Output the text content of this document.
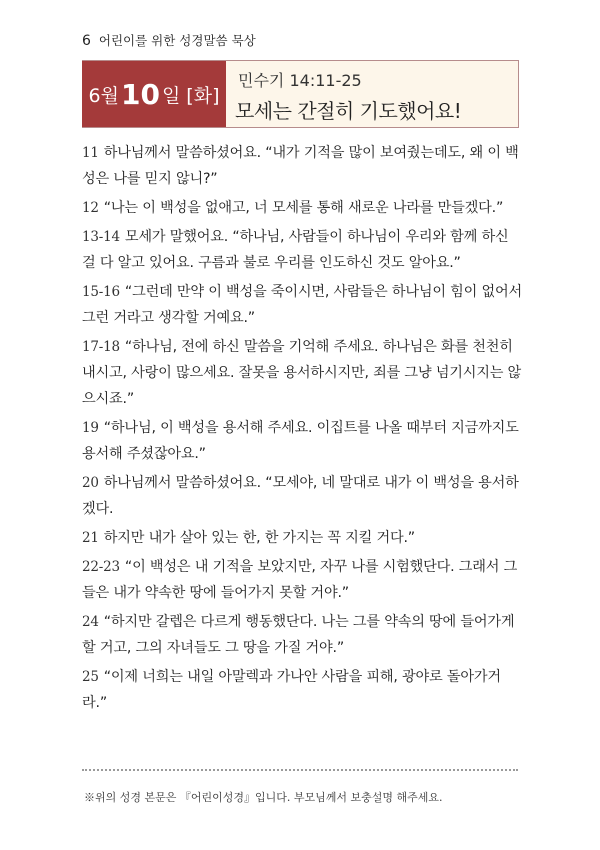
6 어린이를 위한 성경말씀 묵상
6월 10 일 [화]
민수기 14:11-25
모세는 간절히 기도했어요!
11 하나님께서 말씀하셨어요. “내가 기적을 많이 보여줬는데도, 왜 이 백성은 나를 믿지 않니?”
12 “나는 이 백성을 없애고, 너 모세를 통해 새로운 나라를 만들겠다.”
13-14 모세가 말했어요. “하나님, 사람들이 하나님이 우리와 함께 하신 걸 다 알고 있어요. 구름과 불로 우리를 인도하신 것도 알아요.”
15-16 “그런데 만약 이 백성을 죽이시면, 사람들은 하나님이 힘이 없어서 그런 거라고 생각할 거예요.”
17-18 “하나님, 전에 하신 말씀을 기억해 주세요. 하나님은 화를 천천히 내시고, 사랑이 많으세요. 잘못을 용서하시지만, 죄를 그냥 넘기시지는 않으시죠.”
19 “하나님, 이 백성을 용서해 주세요. 이집트를 나올 때부터 지금까지도 용서해 주셨잖아요.”
20 하나님께서 말씀하셨어요. “모세야, 네 말대로 내가 이 백성을 용서하겠다.
21 하지만 내가 살아 있는 한, 한 가지는 꼭 지킬 거다.”
22-23 “이 백성은 내 기적을 보았지만, 자꾸 나를 시험했단다. 그래서 그들은 내가 약속한 땅에 들어가지 못할 거야.”
24 “하지만 갈렙은 다르게 행동했단다. 나는 그를 약속의 땅에 들어가게 할 거고, 그의 자녀들도 그 땅을 가질 거야.”
25 “이제 너희는 내일 아말렉과 가나안 사람을 피해, 광야로 돌아가거라.”
※위의 성경 본문은 『어린이성경』입니다. 부모님께서 보충설명 해주세요.
